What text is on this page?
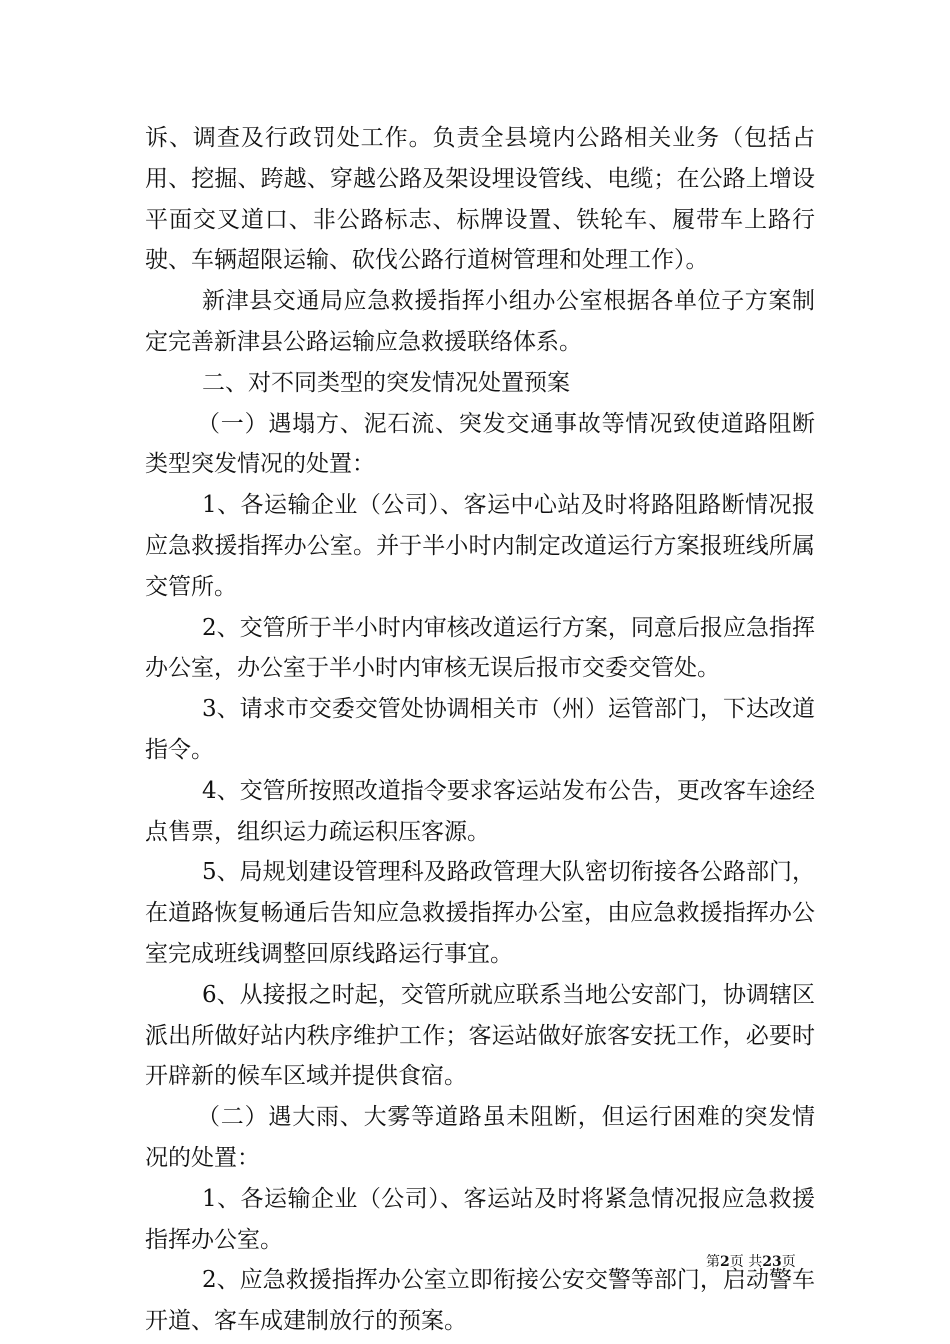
诉、调查及行政罚处工作。负责全县境内公路相关业务（包括占用、挖掘、跨越、穿越公路及架设埋设管线、电缆；在公路上增设平面交叉道口、非公路标志、标牌设置、铁轮车、履带车上路行驶、车辆超限运输、砍伐公路行道树管理和处理工作）。

新津县交通局应急救援指挥小组办公室根据各单位子方案制定完善新津县公路运输应急救援联络体系。

二、对不同类型的突发情况处置预案

（一）遇塌方、泥石流、突发交通事故等情况致使道路阻断类型突发情况的处置：

1、各运输企业（公司）、客运中心站及时将路阻路断情况报应急救援指挥办公室。并于半小时内制定改道运行方案报班线所属交管所。

2、交管所于半小时内审核改道运行方案，同意后报应急指挥办公室，办公室于半小时内审核无误后报市交委交管处。

3、请求市交委交管处协调相关市（州）运管部门，下达改道指令。

4、交管所按照改道指令要求客运站发布公告，更改客车途经点售票，组织运力疏运积压客源。

5、局规划建设管理科及路政管理大队密切衔接各公路部门，在道路恢复畅通后告知应急救援指挥办公室，由应急救援指挥办公室完成班线调整回原线路运行事宜。

6、从接报之时起，交管所就应联系当地公安部门，协调辖区派出所做好站内秩序维护工作；客运站做好旅客安抚工作，必要时开辟新的候车区域并提供食宿。

（二）遇大雨、大雾等道路虽未阻断，但运行困难的突发情况的处置：

1、各运输企业（公司）、客运站及时将紧急情况报应急救援指挥办公室。

2、应急救援指挥办公室立即衔接公安交警等部门，启动警车开道、客车成建制放行的预案。

第2页 共23页
